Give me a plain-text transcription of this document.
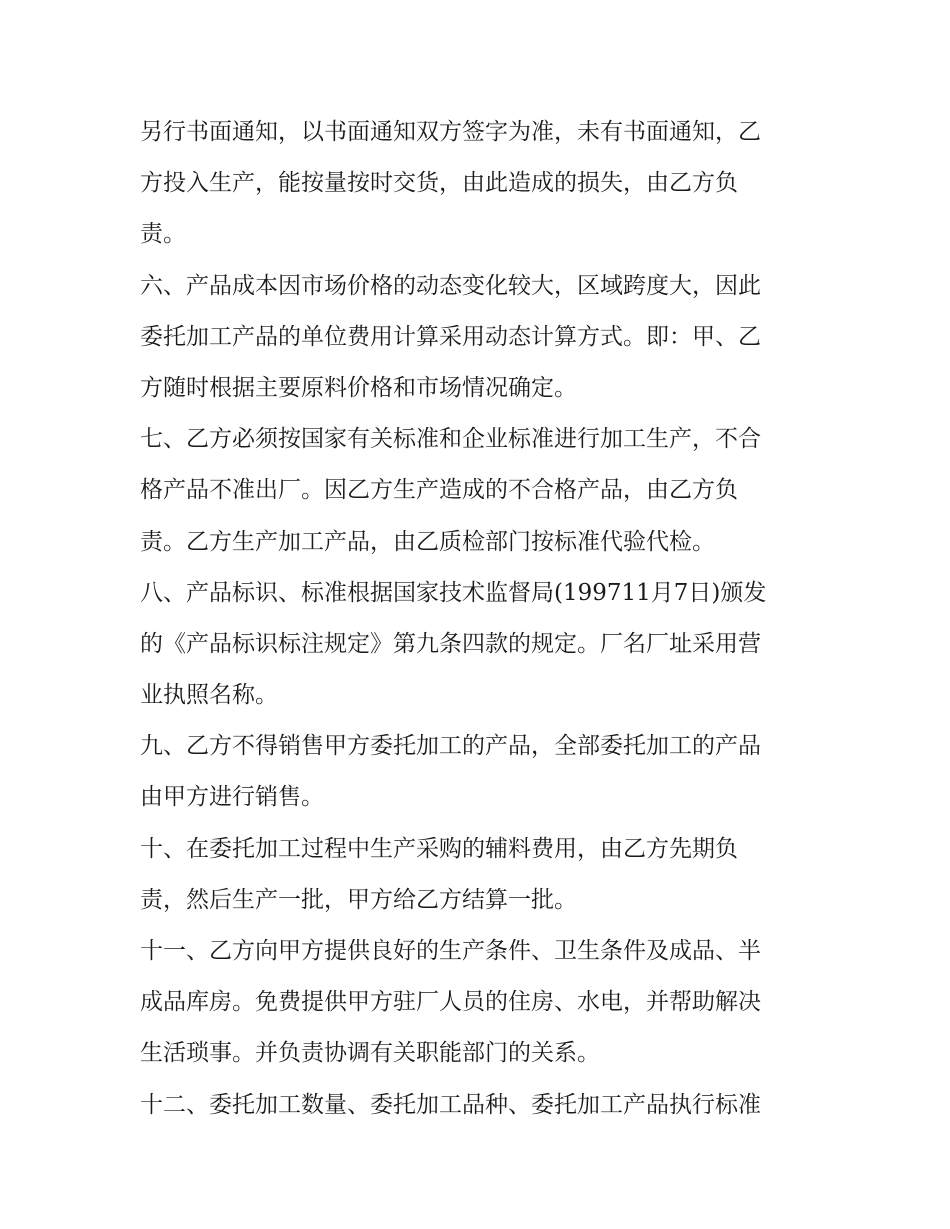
另行书面通知，以书面通知双方签字为准，未有书面通知，乙
方投入生产，能按量按时交货，由此造成的损失，由乙方负
责。
六、产品成本因市场价格的动态变化较大，区域跨度大，因此
委托加工产品的单位费用计算采用动态计算方式。即：甲、乙
方随时根据主要原料价格和市场情况确定。
七、乙方必须按国家有关标准和企业标准进行加工生产，不合
格产品不准出厂。因乙方生产造成的不合格产品，由乙方负
责。乙方生产加工产品，由乙质检部门按标准代验代检。
八、产品标识、标准根据国家技术监督局(199711月7日)颁发
的《产品标识标注规定》第九条四款的规定。厂名厂址采用营
业执照名称。
九、乙方不得销售甲方委托加工的产品，全部委托加工的产品
由甲方进行销售。
十、在委托加工过程中生产采购的辅料费用，由乙方先期负
责，然后生产一批，甲方给乙方结算一批。
十一、乙方向甲方提供良好的生产条件、卫生条件及成品、半
成品库房。免费提供甲方驻厂人员的住房、水电，并帮助解决
生活琐事。并负责协调有关职能部门的关系。
十二、委托加工数量、委托加工品种、委托加工产品执行标准
